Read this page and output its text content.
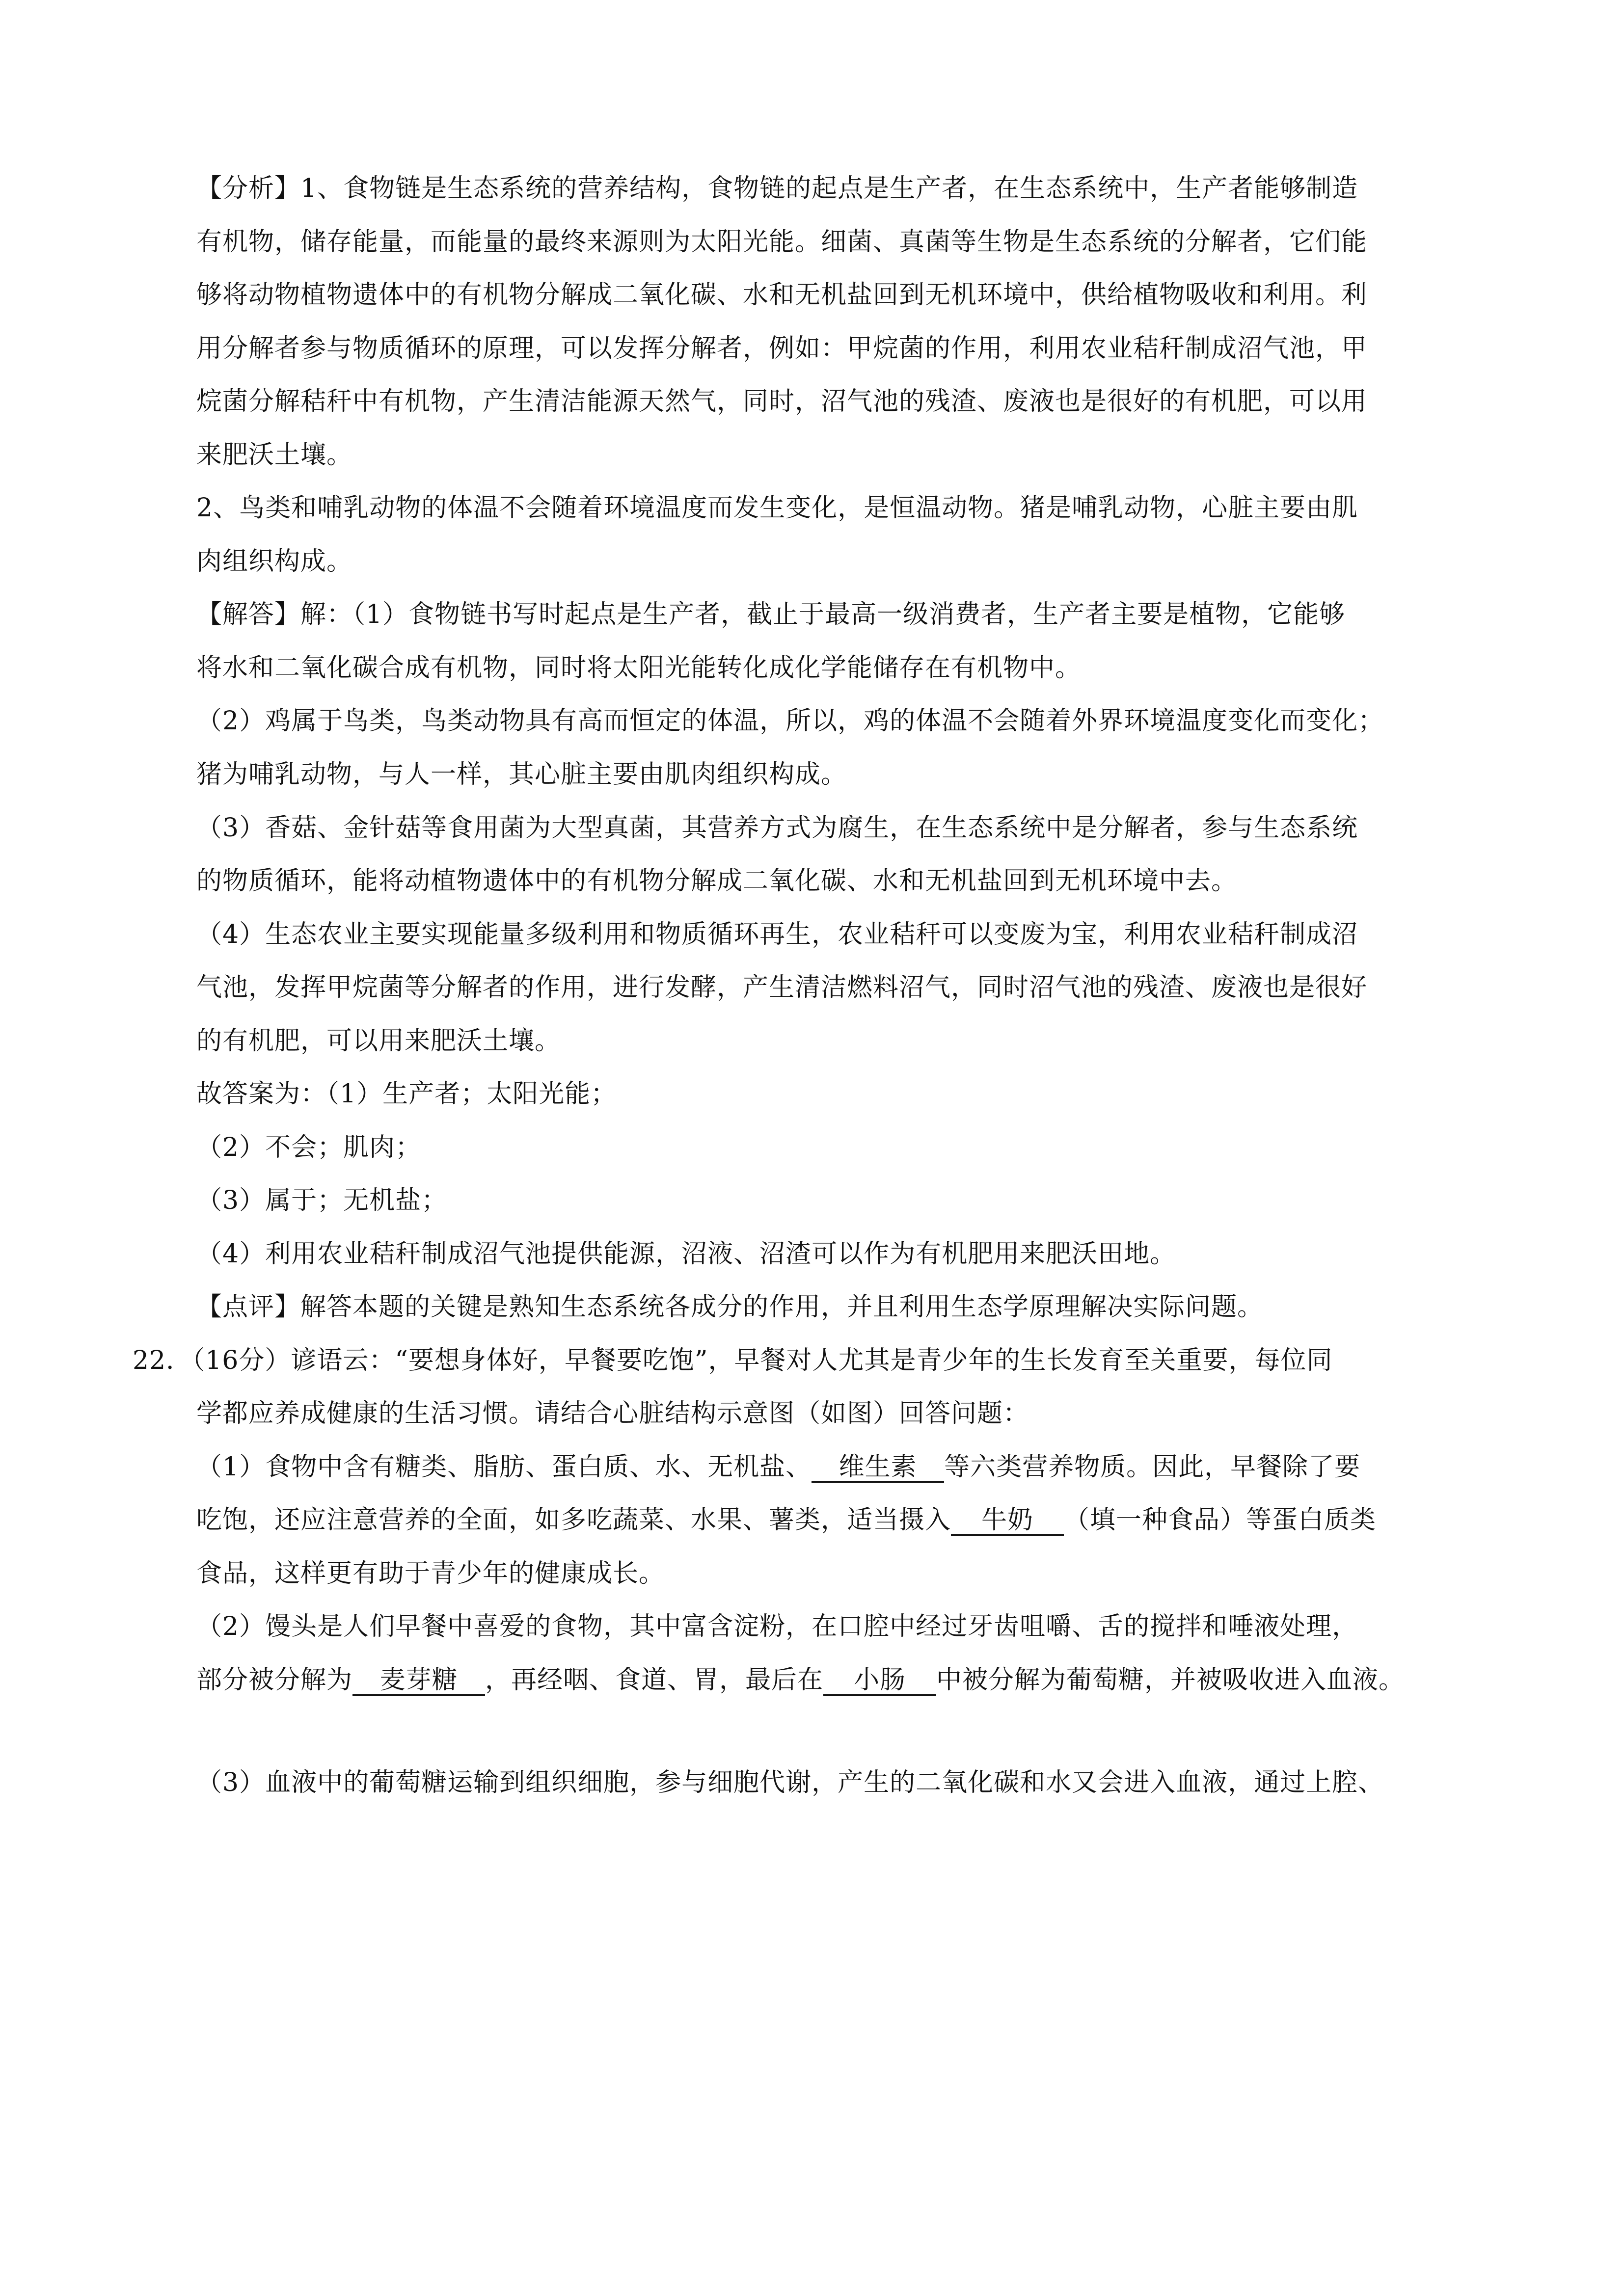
【分析】1、食物链是生态系统的营养结构，食物链的起点是生产者，在生态系统中，生产者能够制造
有机物，储存能量，而能量的最终来源则为太阳光能。细菌、真菌等生物是生态系统的分解者，它们能
够将动物植物遗体中的有机物分解成二氧化碳、水和无机盐回到无机环境中，供给植物吸收和利用。利
用分解者参与物质循环的原理，可以发挥分解者，例如：甲烷菌的作用，利用农业秸秆制成沼气池，甲
烷菌分解秸秆中有机物，产生清洁能源天然气，同时，沼气池的残渣、废液也是很好的有机肥，可以用
来肥沃土壤。
2、鸟类和哺乳动物的体温不会随着环境温度而发生变化，是恒温动物。猪是哺乳动物，心脏主要由肌
肉组织构成。
【解答】解：（1）食物链书写时起点是生产者，截止于最高一级消费者，生产者主要是植物，它能够
将水和二氧化碳合成有机物，同时将太阳光能转化成化学能储存在有机物中。
（2）鸡属于鸟类，鸟类动物具有高而恒定的体温，所以，鸡的体温不会随着外界环境温度变化而变化；
猪为哺乳动物，与人一样，其心脏主要由肌肉组织构成。
（3）香菇、金针菇等食用菌为大型真菌，其营养方式为腐生，在生态系统中是分解者，参与生态系统
的物质循环，能将动植物遗体中的有机物分解成二氧化碳、水和无机盐回到无机环境中去。
（4）生态农业主要实现能量多级利用和物质循环再生，农业秸秆可以变废为宝，利用农业秸秆制成沼
气池，发挥甲烷菌等分解者的作用，进行发酵，产生清洁燃料沼气，同时沼气池的残渣、废液也是很好
的有机肥，可以用来肥沃土壤。
故答案为：（1）生产者；太阳光能；
（2）不会；肌肉；
（3）属于；无机盐；
（4）利用农业秸秆制成沼气池提供能源，沼液、沼渣可以作为有机肥用来肥沃田地。
【点评】解答本题的关键是熟知生态系统各成分的作用，并且利用生态学原理解决实际问题。
22．（16分）谚语云：“要想身体好，早餐要吃饱”，早餐对人尤其是青少年的生长发育至关重要，每位同
学都应养成健康的生活习惯。请结合心脏结构示意图（如图）回答问题：
（1）食物中含有糖类、脂肪、蛋白质、水、无机盐、 维生素 等六类营养物质。因此，早餐除了要
吃饱，还应注意营养的全面，如多吃蔬菜、水果、薯类，适当摄入 牛奶 （填一种食品）等蛋白质类
食品，这样更有助于青少年的健康成长。
（2）馒头是人们早餐中喜爱的食物，其中富含淀粉，在口腔中经过牙齿咀嚼、舌的搅拌和唾液处理，
部分被分解为 麦芽糖 ，再经咽、食道、胃，最后在 小肠 中被分解为葡萄糖，并被吸收进入血液。
（3）血液中的葡萄糖运输到组织细胞，参与细胞代谢，产生的二氧化碳和水又会进入血液，通过上腔、
